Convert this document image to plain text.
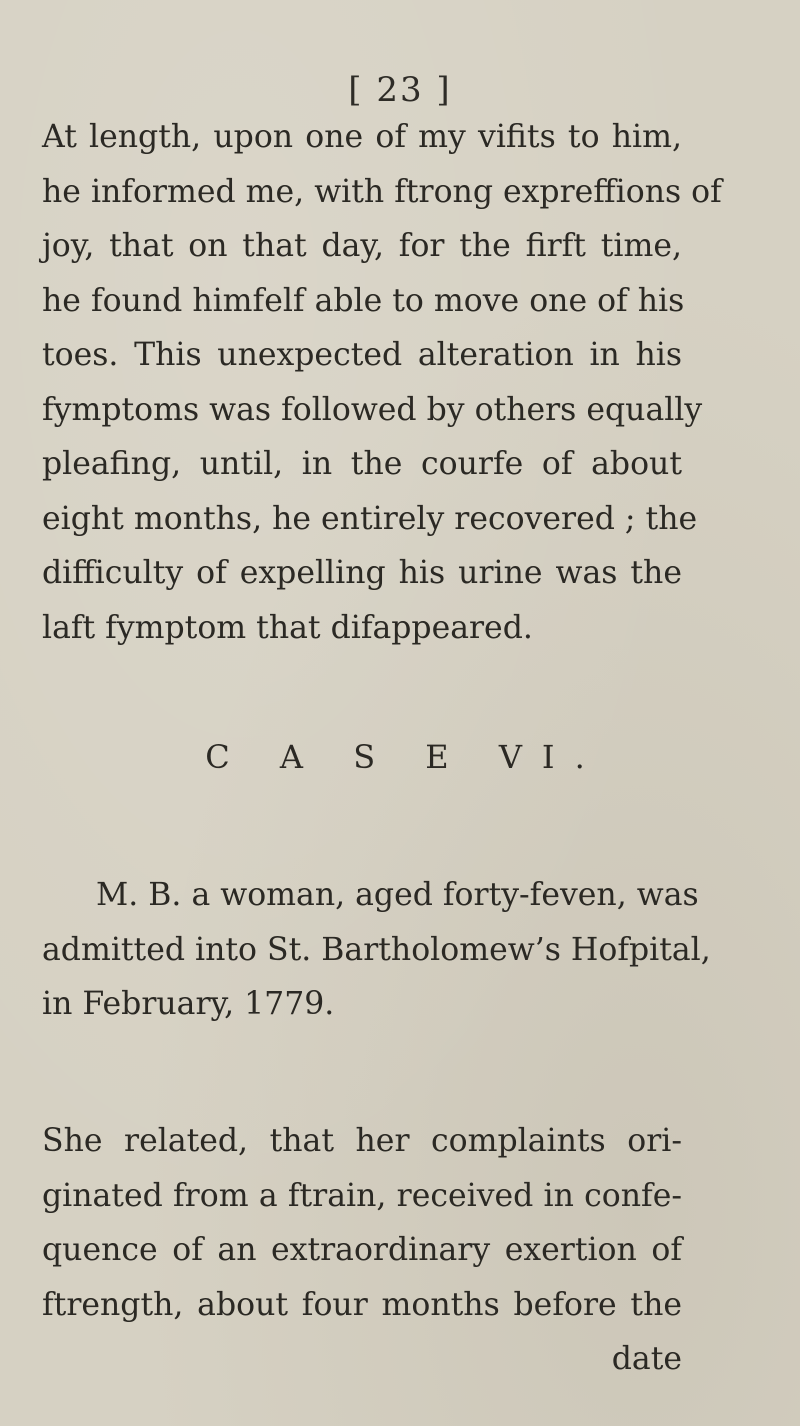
[ 23 ]
At length, upon one of my vifits to him,
he informed me, with ftrong expreffions of
joy, that on that day, for the firft time,
he found himfelf able to move one of his
toes. This unexpected alteration in his
fymptoms was followed by others equally
pleafing, until, in the courfe of about
eight months, he entirely recovered ; the
difficulty of expelling his urine was the
laft fymptom that difappeared.
C A S E VI.
M. B. a woman, aged forty-feven, was
admitted into St. Bartholomew’s Hofpital,
in February, 1779.
She related, that her complaints ori-
ginated from a ftrain, received in confe-
quence of an extraordinary exertion of
ftrength, about four months before the
date
